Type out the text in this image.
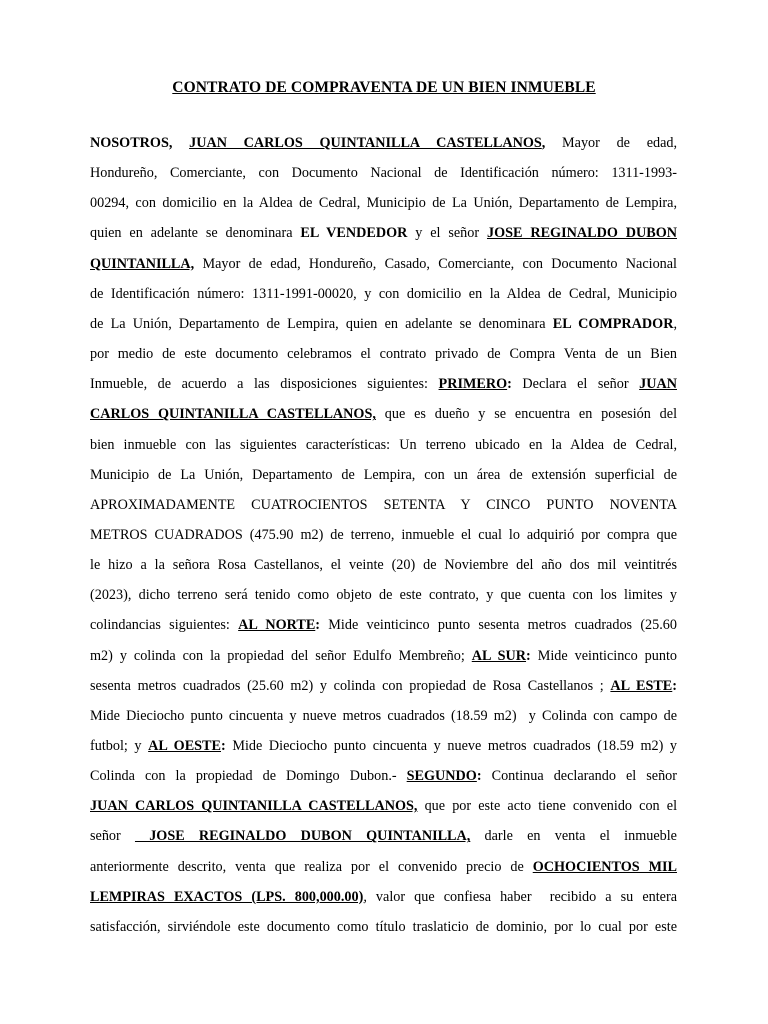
CONTRATO DE COMPRAVENTA DE UN BIEN INMUEBLE
NOSOTROS, JUAN CARLOS QUINTANILLA CASTELLANOS, Mayor de edad,
Hondureño, Comerciante, con Documento Nacional de Identificación número: 1311-1993-
00294, con domicilio en la Aldea de Cedral, Municipio de La Unión, Departamento de Lempira,
quien en adelante se denominara EL VENDEDOR y el señor JOSE REGINALDO DUBON
QUINTANILLA, Mayor de edad, Hondureño, Casado, Comerciante, con Documento Nacional
de Identificación número: 1311-1991-00020, y con domicilio en la Aldea de Cedral, Municipio
de La Unión, Departamento de Lempira, quien en adelante se denominara EL COMPRADOR,
por medio de este documento celebramos el contrato privado de Compra Venta de un Bien
Inmueble, de acuerdo a las disposiciones siguientes: PRIMERO: Declara el señor JUAN
CARLOS QUINTANILLA CASTELLANOS, que es dueño y se encuentra en posesión del
bien inmueble con las siguientes características: Un terreno ubicado en la Aldea de Cedral,
Municipio de La Unión, Departamento de Lempira, con un área de extensión superficial de
APROXIMADAMENTE CUATROCIENTOS SETENTA Y CINCO PUNTO NOVENTA
METROS CUADRADOS (475.90 m2) de terreno, inmueble el cual lo adquirió por compra que
le hizo a la señora Rosa Castellanos, el veinte (20) de Noviembre del año dos mil veintitrés
(2023), dicho terreno será tenido como objeto de este contrato, y que cuenta con los limites y
colindancias siguientes: AL NORTE: Mide veinticinco punto sesenta metros cuadrados (25.60
m2) y colinda con la propiedad del señor Edulfo Membreño; AL SUR: Mide veinticinco punto
sesenta metros cuadrados (25.60 m2) y colinda con propiedad de Rosa Castellanos ; AL ESTE:
Mide Dieciocho punto cincuenta y nueve metros cuadrados (18.59 m2)  y Colinda con campo de
futbol; y AL OESTE: Mide Dieciocho punto cincuenta y nueve metros cuadrados (18.59 m2) y
Colinda con la propiedad de Domingo Dubon.- SEGUNDO: Continua declarando el señor
JUAN CARLOS QUINTANILLA CASTELLANOS, que por este acto tiene convenido con el
señor  JOSE REGINALDO DUBON QUINTANILLA, darle en venta el inmueble
anteriormente descrito, venta que realiza por el convenido precio de OCHOCIENTOS MIL
LEMPIRAS EXACTOS (LPS. 800,000.00), valor que confiesa haber  recibido a su entera
satisfacción, sirviéndole este documento como título traslaticio de dominio, por lo cual por este
